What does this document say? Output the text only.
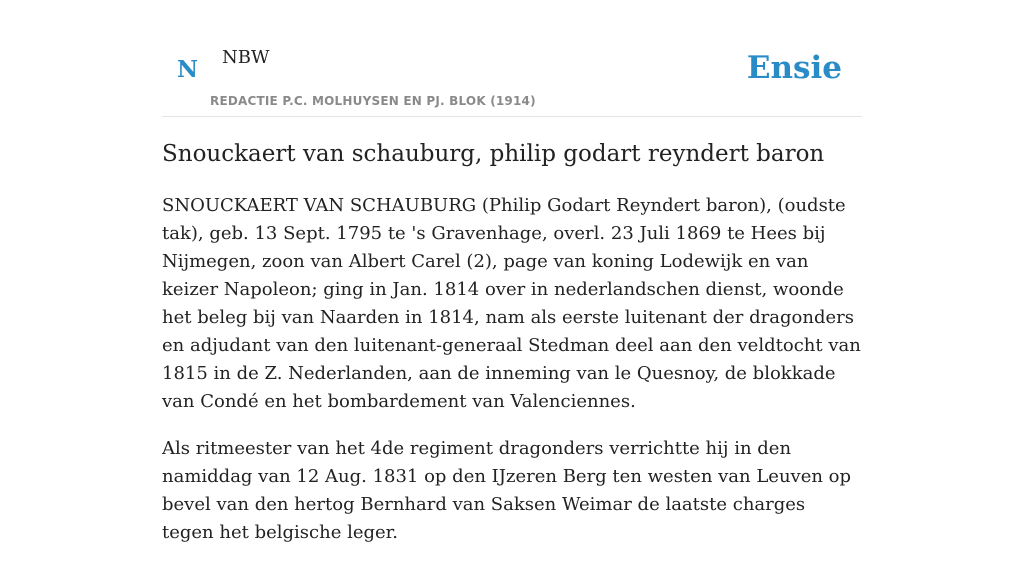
N NBW
REDACTIE P.C. MOLHUYSEN EN PJ. BLOK (1914)
Ensie
Snouckaert van schauburg, philip godart reyndert baron

SNOUCKAERT VAN SCHAUBURG (Philip Godart Reyndert baron), (oudste tak), geb. 13 Sept. 1795 te 's Gravenhage, overl. 23 Juli 1869 te Hees bij Nijmegen, zoon van Albert Carel (2), page van koning Lodewijk en van keizer Napoleon; ging in Jan. 1814 over in nederlandschen dienst, woonde het beleg bij van Naarden in 1814, nam als eerste luitenant der dragonders en adjudant van den luitenant-generaal Stedman deel aan den veldtocht van 1815 in de Z. Nederlanden, aan de inneming van le Quesnoy, de blokkade van Condé en het bombardement van Valenciennes.

Als ritmeester van het 4de regiment dragonders verrichtte hij in den namiddag van 12 Aug. 1831 op den IJzeren Berg ten westen van Leuven op bevel van den hertog Bernhard van Saksen Weimar de laatste charges tegen het belgische leger.
